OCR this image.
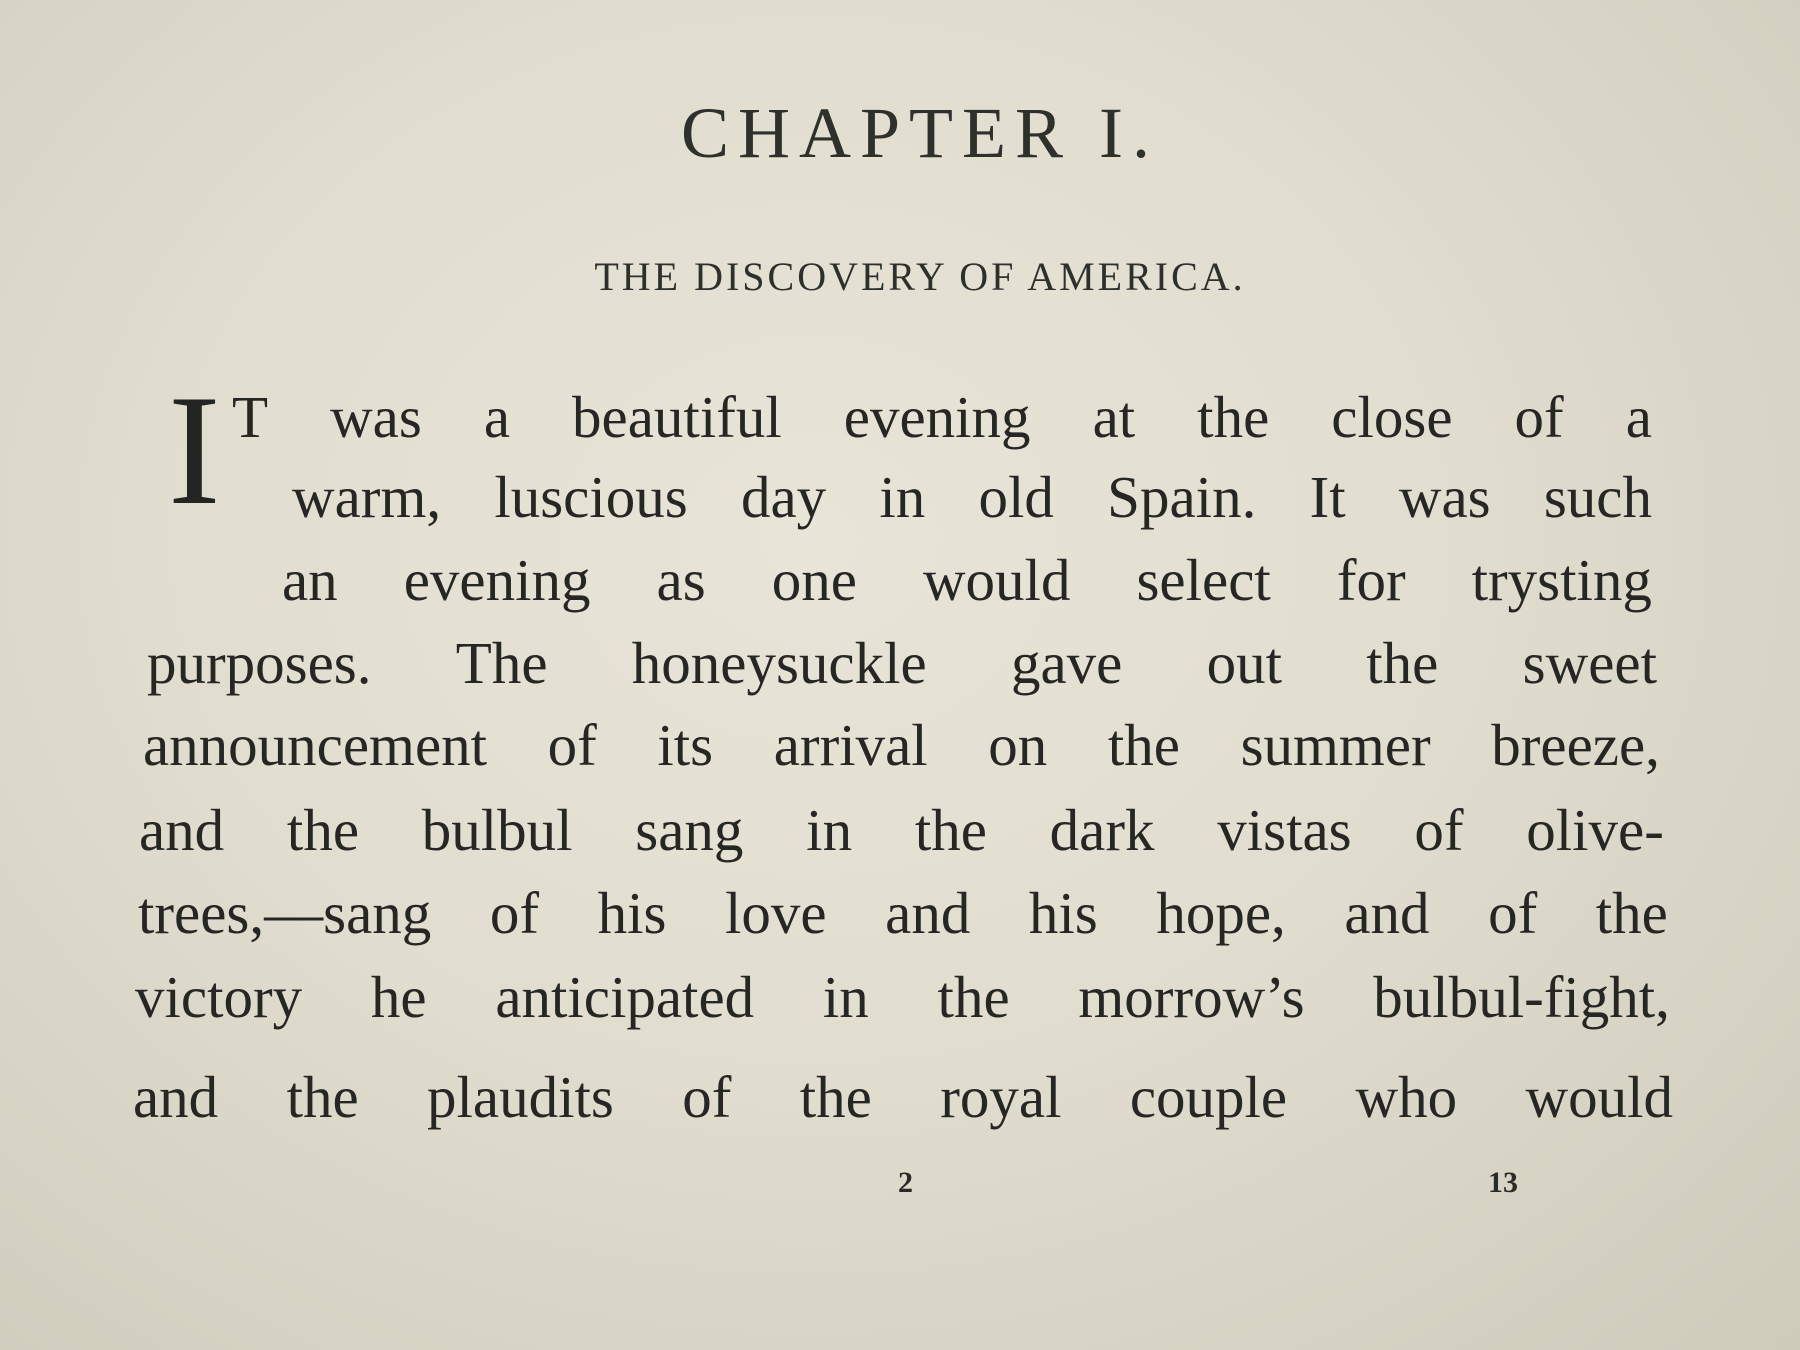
CHAPTER I.
THE DISCOVERY OF AMERICA.
I T was a beautiful evening at the close of a
warm, luscious day in old Spain. It was such
an evening as one would select for trysting
purposes. The honeysuckle gave out the sweet
announcement of its arrival on the summer breeze,
and the bulbul sang in the dark vistas of olive-
trees,—sang of his love and his hope, and of the
victory he anticipated in the morrow’s bulbul-fight,
and the plaudits of the royal couple who would
2	13
